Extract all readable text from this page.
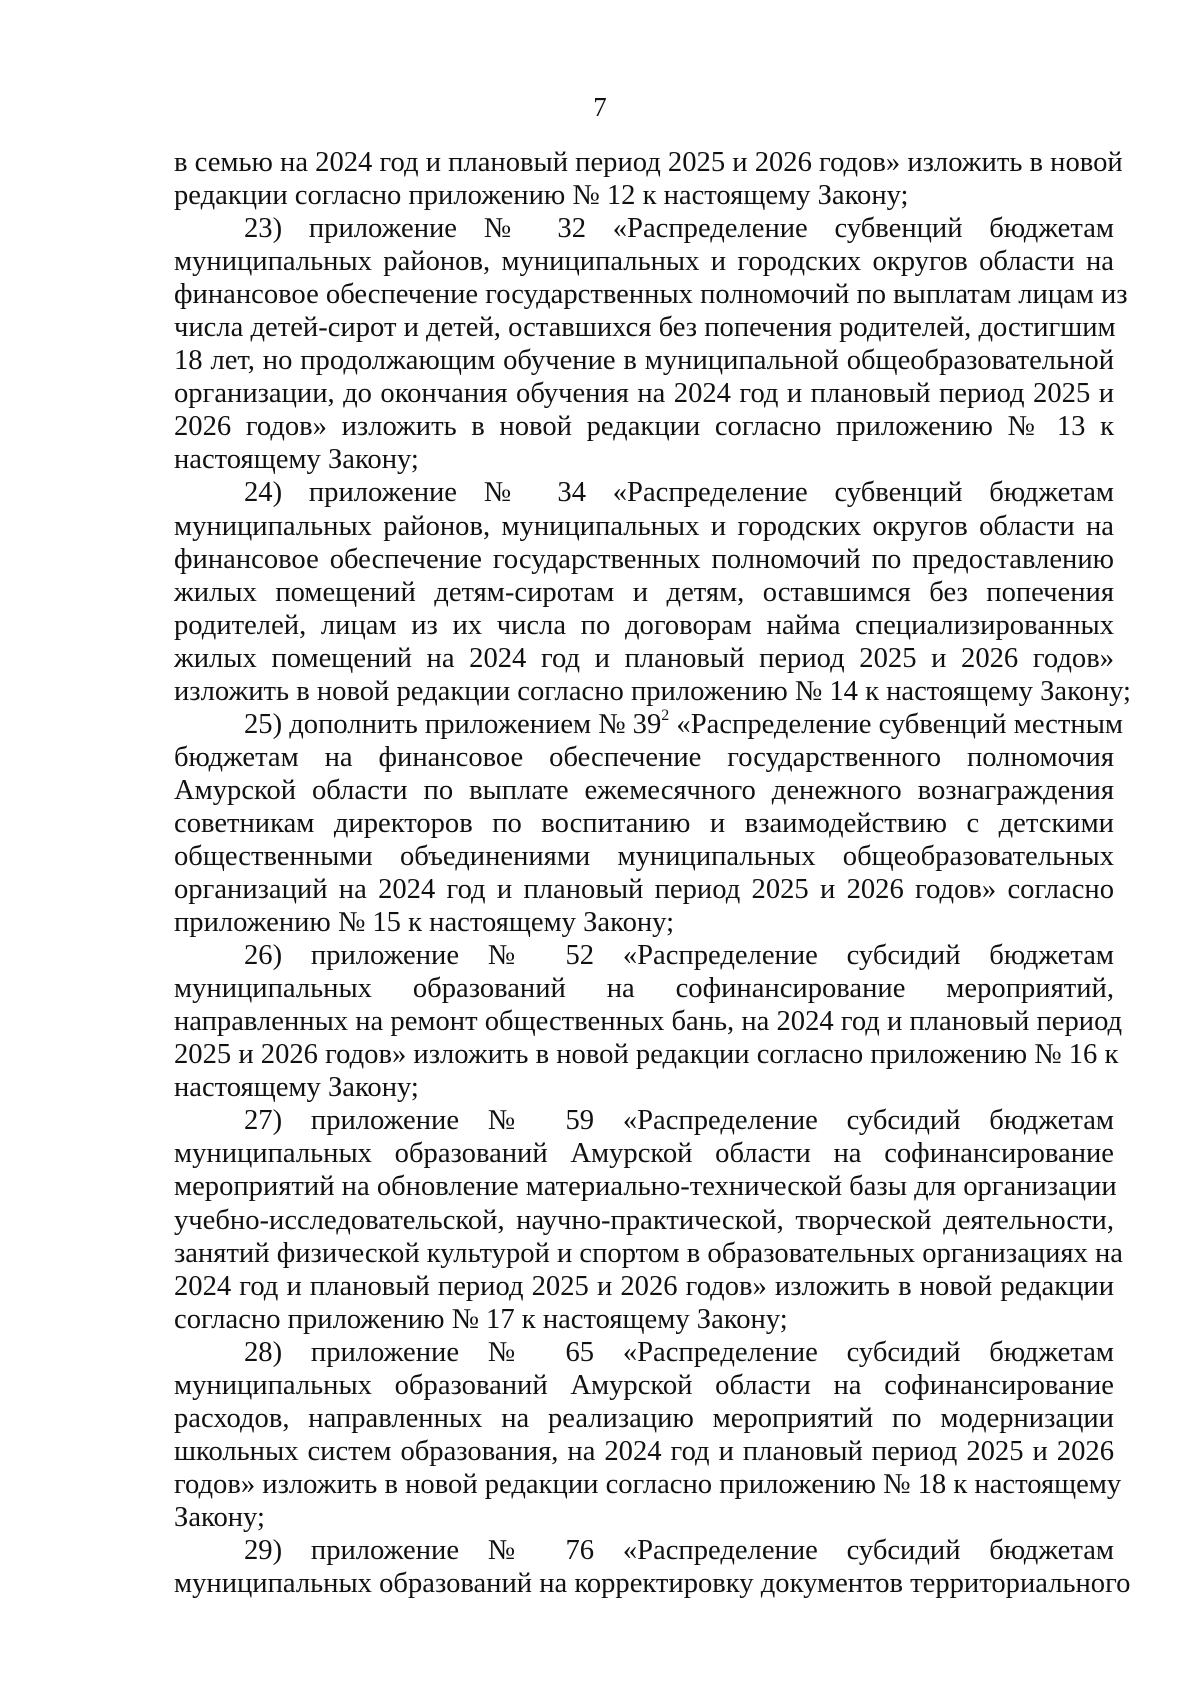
7
в семью на 2024 год и плановый период 2025 и 2026 годов» изложить в новой
редакции согласно приложению № 12 к настоящему Закону;
23) приложение № 32 «Распределение субвенций бюджетам
муниципальных районов, муниципальных и городских округов области на
финансовое обеспечение государственных полномочий по выплатам лицам из
числа детей-сирот и детей, оставшихся без попечения родителей, достигшим
18 лет, но продолжающим обучение в муниципальной общеобразовательной
организации, до окончания обучения на 2024 год и плановый период 2025 и
2026 годов» изложить в новой редакции согласно приложению № 13 к
настоящему Закону;
24) приложение № 34 «Распределение субвенций бюджетам
муниципальных районов, муниципальных и городских округов области на
финансовое обеспечение государственных полномочий по предоставлению
жилых помещений детям-сиротам и детям, оставшимся без попечения
родителей, лицам из их числа по договорам найма специализированных
жилых помещений на 2024 год и плановый период 2025 и 2026 годов»
изложить в новой редакции согласно приложению № 14 к настоящему Закону;
25) дополнить приложением № $39^2$ «Распределение субвенций местным
бюджетам на финансовое обеспечение государственного полномочия
Амурской области по выплате ежемесячного денежного вознаграждения
советникам директоров по воспитанию и взаимодействию с детскими
общественными объединениями муниципальных общеобразовательных
организаций на 2024 год и плановый период 2025 и 2026 годов» согласно
приложению № 15 к настоящему Закону;
26) приложение № 52 «Распределение субсидий бюджетам
муниципальных образований на софинансирование мероприятий,
направленных на ремонт общественных бань, на 2024 год и плановый период
2025 и 2026 годов» изложить в новой редакции согласно приложению № 16 к
настоящему Закону;
27) приложение № 59 «Распределение субсидий бюджетам
муниципальных образований Амурской области на софинансирование
мероприятий на обновление материально-технической базы для организации
учебно-исследовательской, научно-практической, творческой деятельности,
занятий физической культурой и спортом в образовательных организациях на
2024 год и плановый период 2025 и 2026 годов» изложить в новой редакции
согласно приложению № 17 к настоящему Закону;
28) приложение № 65 «Распределение субсидий бюджетам
муниципальных образований Амурской области на софинансирование
расходов, направленных на реализацию мероприятий по модернизации
школьных систем образования, на 2024 год и плановый период 2025 и 2026
годов» изложить в новой редакции согласно приложению № 18 к настоящему
Закону;
29) приложение № 76 «Распределение субсидий бюджетам
муниципальных образований на корректировку документов территориального
